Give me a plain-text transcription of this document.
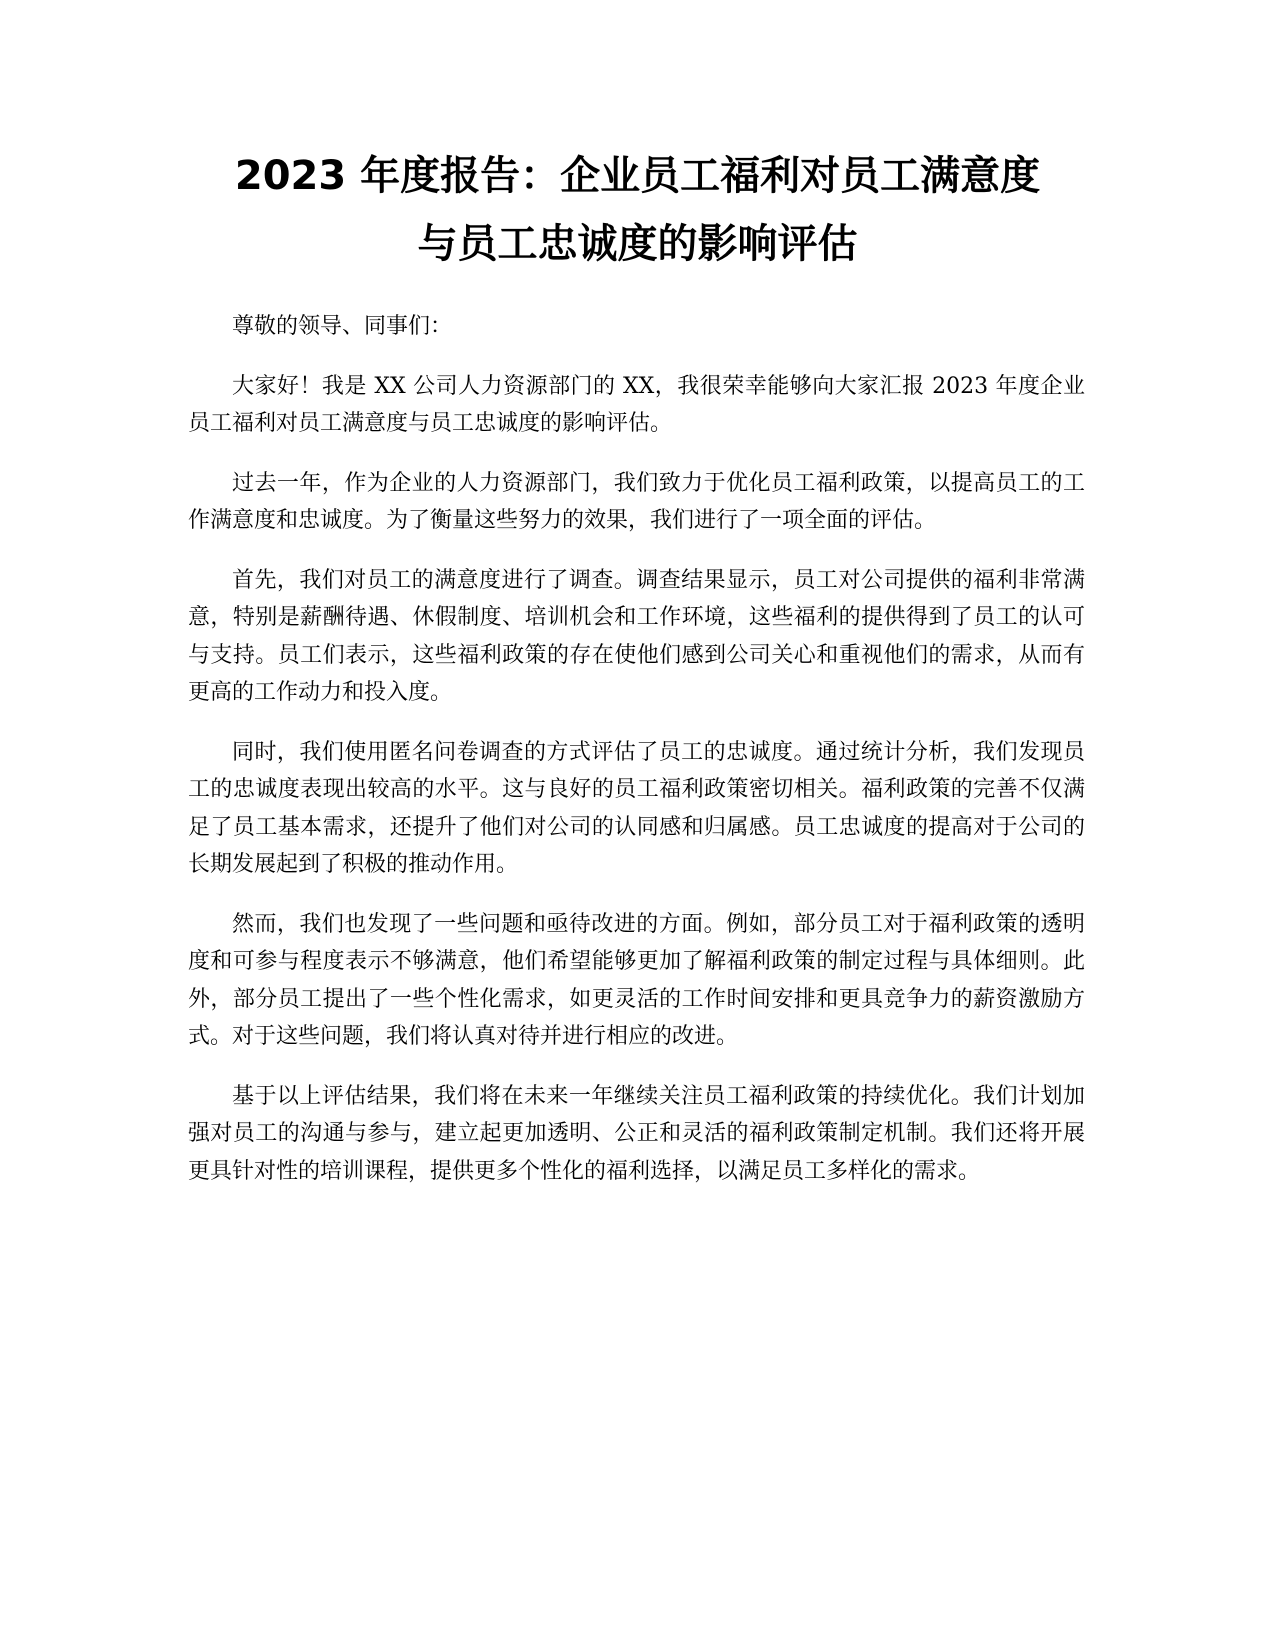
2023 年度报告：企业员工福利对员工满意度
与员工忠诚度的影响评估

尊敬的领导、同事们：

大家好！我是 XX 公司人力资源部门的 XX，我很荣幸能够向大家汇报 2023 年度企业员工福利对员工满意度与员工忠诚度的影响评估。

过去一年，作为企业的人力资源部门，我们致力于优化员工福利政策，以提高员工的工作满意度和忠诚度。为了衡量这些努力的效果，我们进行了一项全面的评估。

首先，我们对员工的满意度进行了调查。调查结果显示，员工对公司提供的福利非常满意，特别是薪酬待遇、休假制度、培训机会和工作环境，这些福利的提供得到了员工的认可与支持。员工们表示，这些福利政策的存在使他们感到公司关心和重视他们的需求，从而有更高的工作动力和投入度。

同时，我们使用匿名问卷调查的方式评估了员工的忠诚度。通过统计分析，我们发现员工的忠诚度表现出较高的水平。这与良好的员工福利政策密切相关。福利政策的完善不仅满足了员工基本需求，还提升了他们对公司的认同感和归属感。员工忠诚度的提高对于公司的长期发展起到了积极的推动作用。

然而，我们也发现了一些问题和亟待改进的方面。例如，部分员工对于福利政策的透明度和可参与程度表示不够满意，他们希望能够更加了解福利政策的制定过程与具体细则。此外，部分员工提出了一些个性化需求，如更灵活的工作时间安排和更具竞争力的薪资激励方式。对于这些问题，我们将认真对待并进行相应的改进。

基于以上评估结果，我们将在未来一年继续关注员工福利政策的持续优化。我们计划加强对员工的沟通与参与，建立起更加透明、公正和灵活的福利政策制定机制。我们还将开展更具针对性的培训课程，提供更多个性化的福利选择，以满足员工多样化的需求。
